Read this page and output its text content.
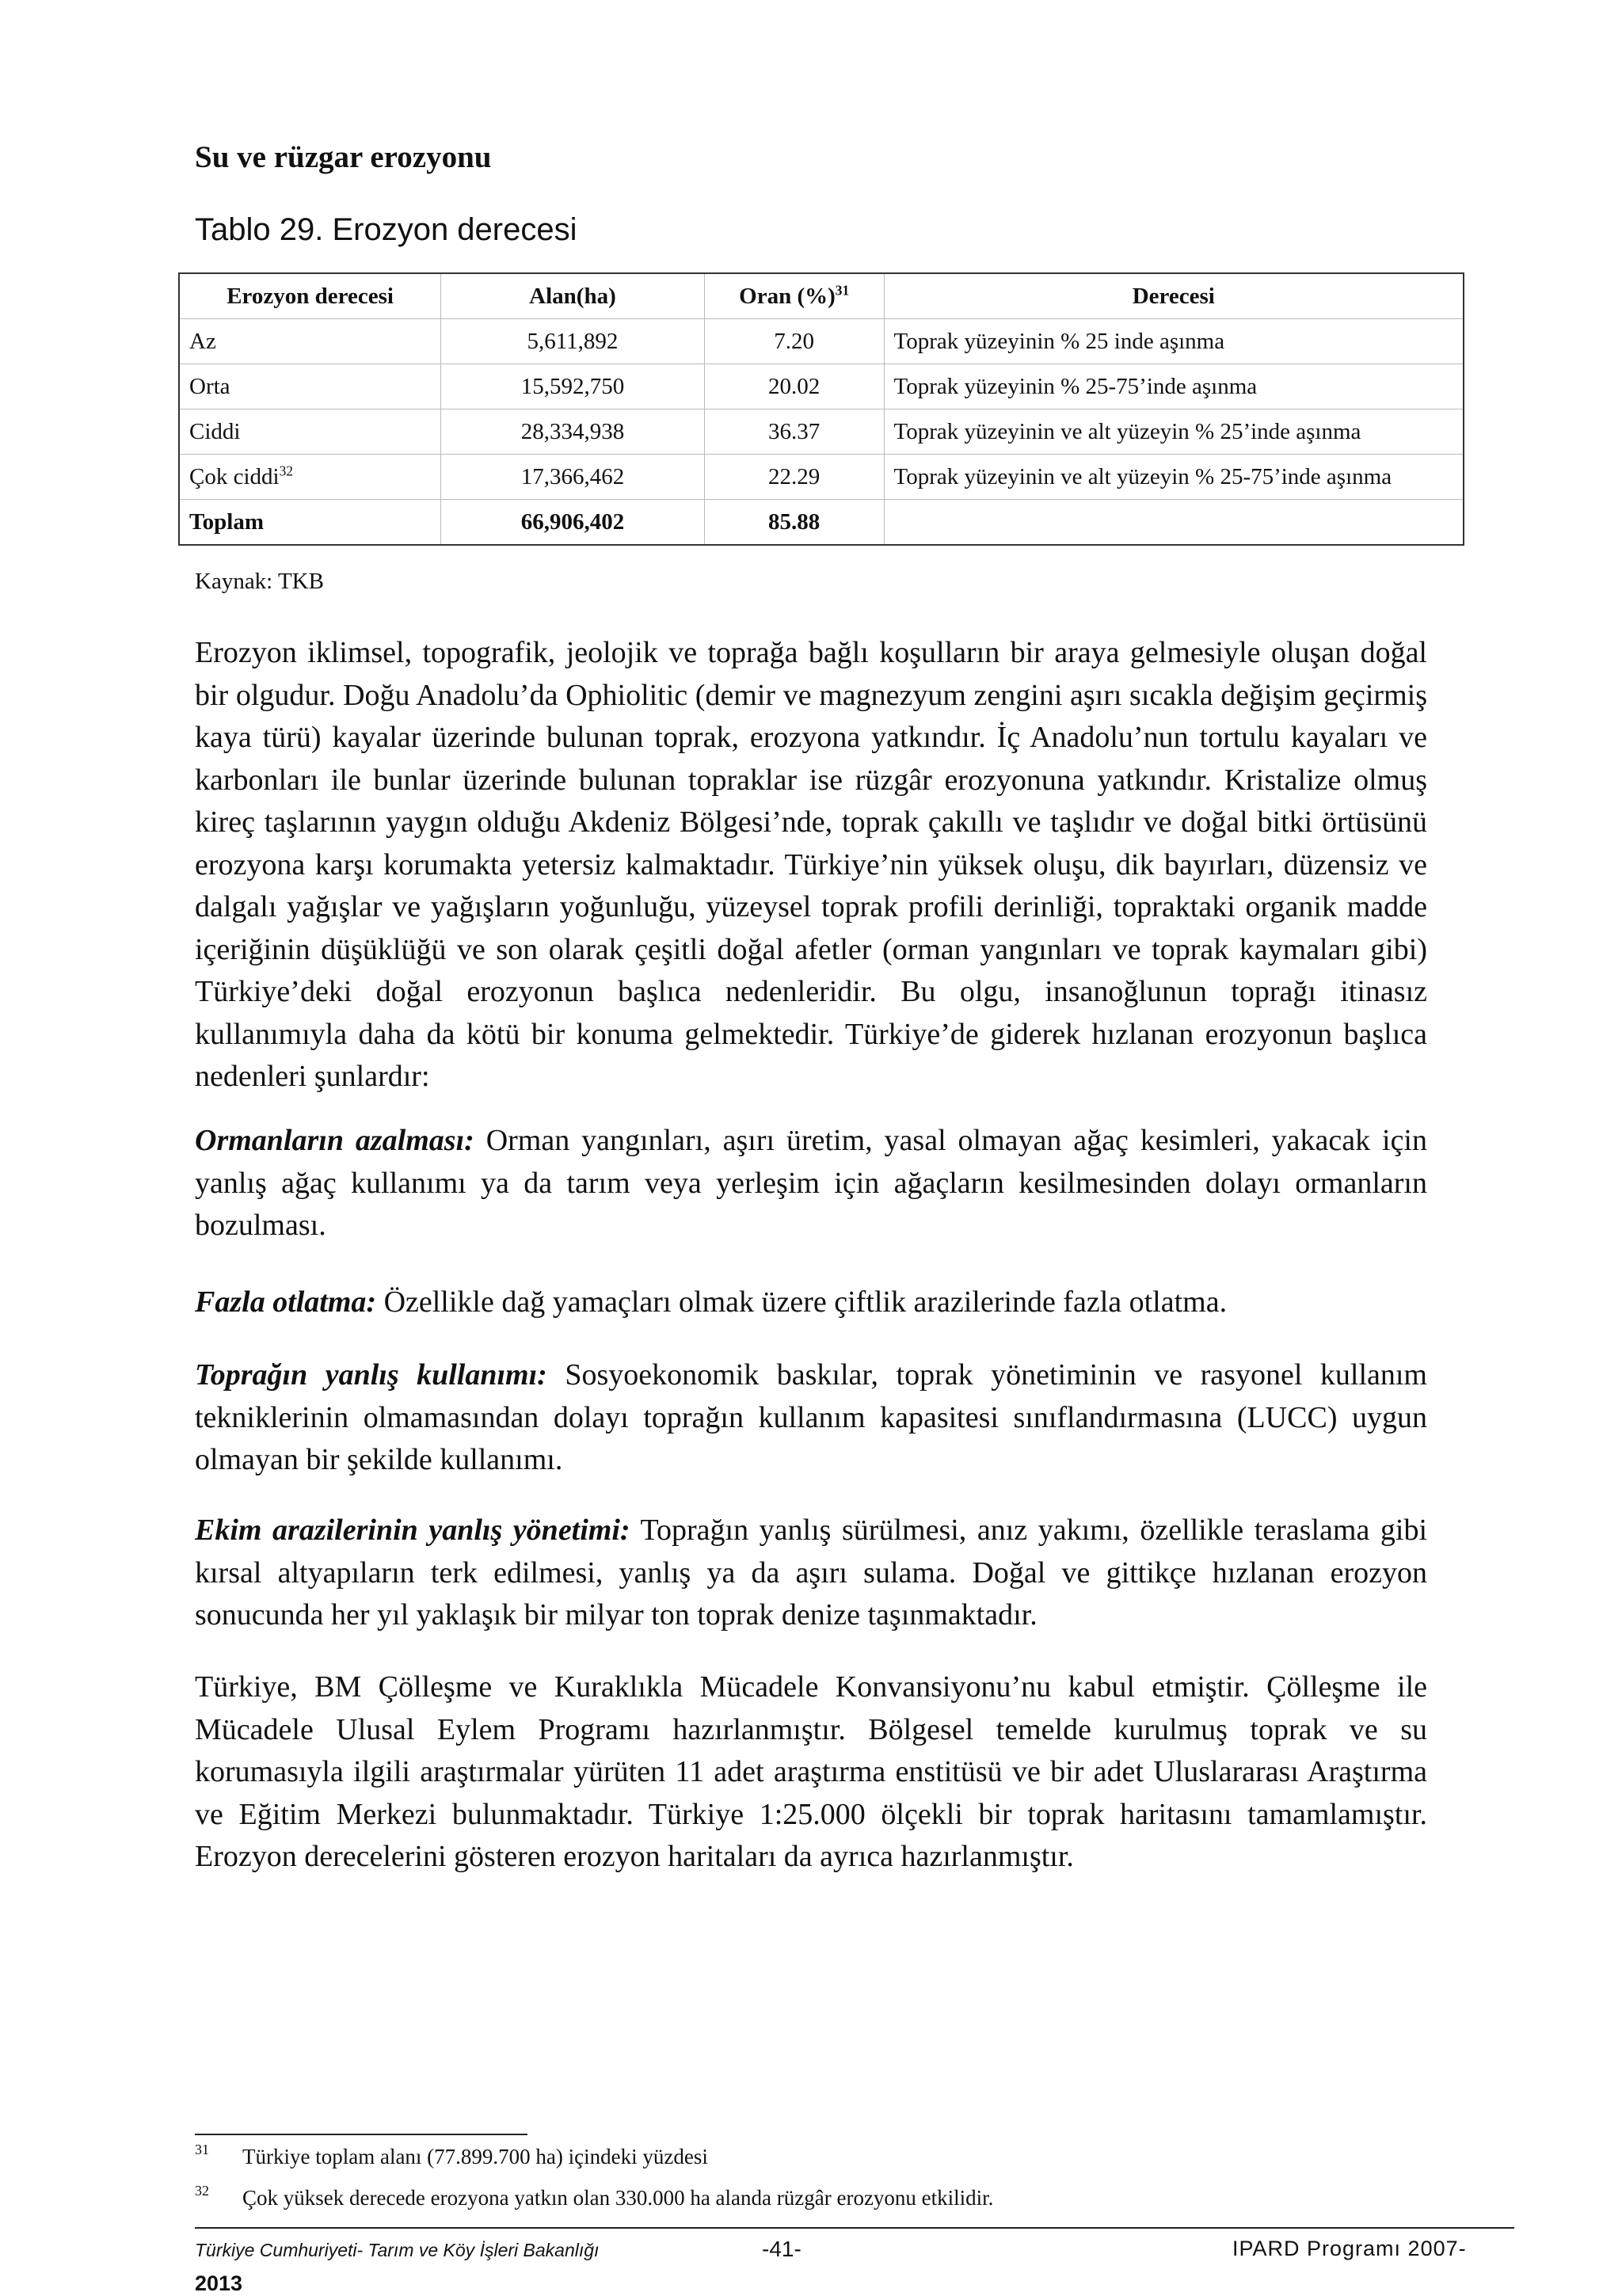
Su ve rüzgar erozyonu
Tablo 29. Erozyon derecesi
Erozyon derecesi	Alan(ha)	Oran (%)$^{31}$	Derecesi
Az	5,611,892	7.20	Toprak yüzeyinin % 25 inde aşınma
Orta	15,592,750	20.02	Toprak yüzeyinin % 25-75’inde aşınma
Ciddi	28,334,938	36.37	Toprak yüzeyinin ve alt yüzeyin % 25’inde aşınma
Çok ciddi$^{32}$	17,366,462	22.29	Toprak yüzeyinin ve alt yüzeyin % 25-75’inde aşınma
Toplam	66,906,402	85.88	
Kaynak: TKB

Erozyon iklimsel, topografik, jeolojik ve toprağa bağlı koşulların bir araya gelmesiyle oluşan doğal bir olgudur. Doğu Anadolu’da Ophiolitic (demir ve magnezyum zengini aşırı sıcakla değişim geçirmiş kaya türü) kayalar üzerinde bulunan toprak, erozyona yatkındır. İç Anadolu’nun tortulu kayaları ve karbonları ile bunlar üzerinde bulunan topraklar ise rüzgâr erozyonuna yatkındır. Kristalize olmuş kireç taşlarının yaygın olduğu Akdeniz Bölgesi’nde, toprak çakıllı ve taşlıdır ve doğal bitki örtüsünü erozyona karşı korumakta yetersiz kalmaktadır. Türkiye’nin yüksek oluşu, dik bayırları, düzensiz ve dalgalı yağışlar ve yağışların yoğunluğu, yüzeysel toprak profili derinliği, topraktaki organik madde içeriğinin düşüklüğü ve son olarak çeşitli doğal afetler (orman yangınları ve toprak kaymaları gibi) Türkiye’deki doğal erozyonun başlıca nedenleridir. Bu olgu, insanoğlunun toprağı itinasız kullanımıyla daha da kötü bir konuma gelmektedir. Türkiye’de giderek hızlanan erozyonun başlıca nedenleri şunlardır:

Ormanların azalması: Orman yangınları, aşırı üretim, yasal olmayan ağaç kesimleri, yakacak için yanlış ağaç kullanımı ya da tarım veya yerleşim için ağaçların kesilmesinden dolayı ormanların bozulması.

Fazla otlatma: Özellikle dağ yamaçları olmak üzere çiftlik arazilerinde fazla otlatma.

Toprağın yanlış kullanımı: Sosyoekonomik baskılar, toprak yönetiminin ve rasyonel kullanım tekniklerinin olmamasından dolayı toprağın kullanım kapasitesi sınıflandırmasına (LUCC) uygun olmayan bir şekilde kullanımı.

Ekim arazilerinin yanlış yönetimi: Toprağın yanlış sürülmesi, anız yakımı, özellikle teraslama gibi kırsal altyapıların terk edilmesi, yanlış ya da aşırı sulama. Doğal ve gittikçe hızlanan erozyon sonucunda her yıl yaklaşık bir milyar ton toprak denize taşınmaktadır.

Türkiye, BM Çölleşme ve Kuraklıkla Mücadele Konvansiyonu’nu kabul etmiştir. Çölleşme ile Mücadele Ulusal Eylem Programı hazırlanmıştır. Bölgesel temelde kurulmuş toprak ve su korumasıyla ilgili araştırmalar yürüten 11 adet araştırma enstitüsü ve bir adet Uluslararası Araştırma ve Eğitim Merkezi bulunmaktadır. Türkiye 1:25.000 ölçekli bir toprak haritasını tamamlamıştır. Erozyon derecelerini gösteren erozyon haritaları da ayrıca hazırlanmıştır.

31 Türkiye toplam alanı (77.899.700 ha) içindeki yüzdesi
32 Çok yüksek derecede erozyona yatkın olan 330.000 ha alanda rüzgâr erozyonu etkilidir.
Türkiye Cumhuriyeti- Tarım ve Köy İşleri Bakanlığı	-41-	IPARD Programı 2007-
2013
